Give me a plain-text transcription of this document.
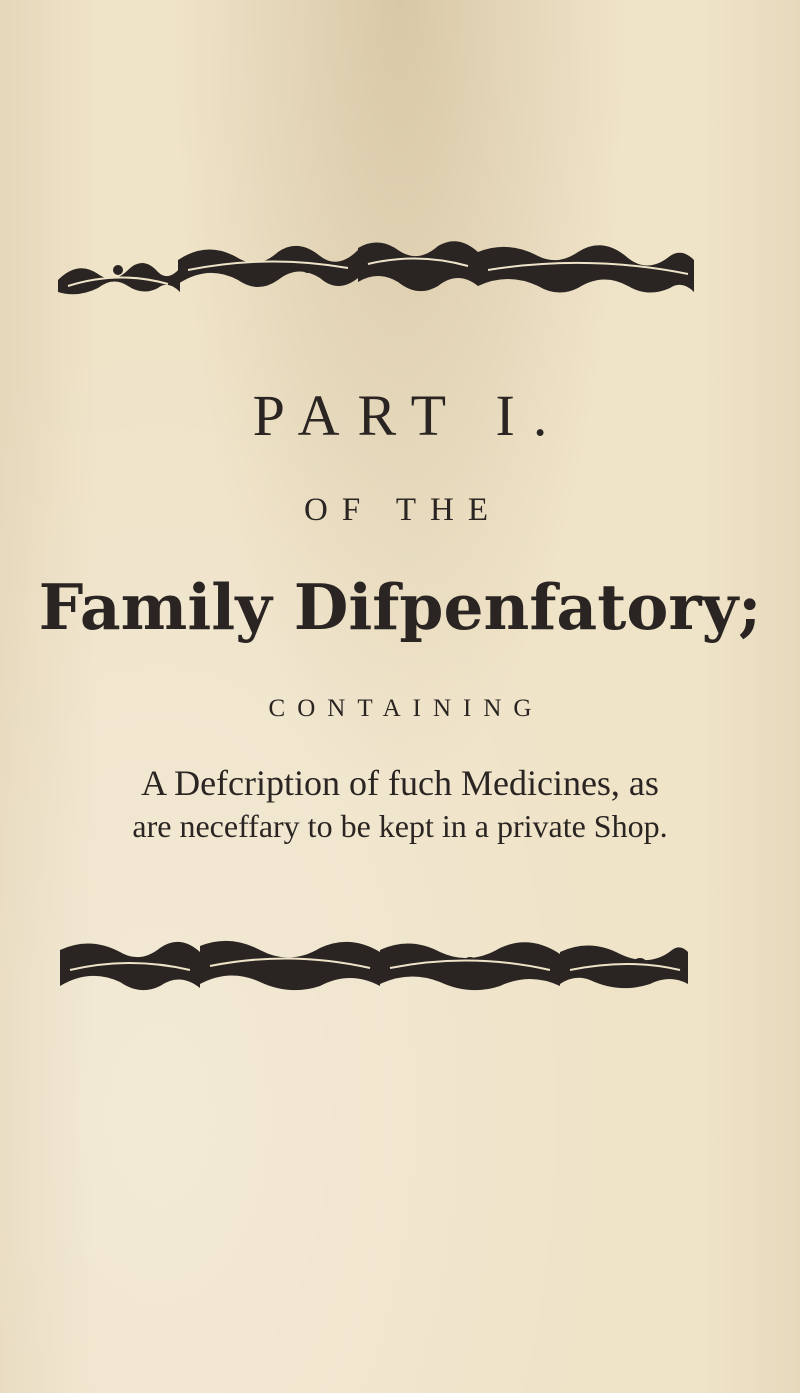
PART I.
OF THE
Family Difpenfatory;
CONTAINING
A Defcription of fuch Medicines, as
are neceffary to be kept in a private Shop.
